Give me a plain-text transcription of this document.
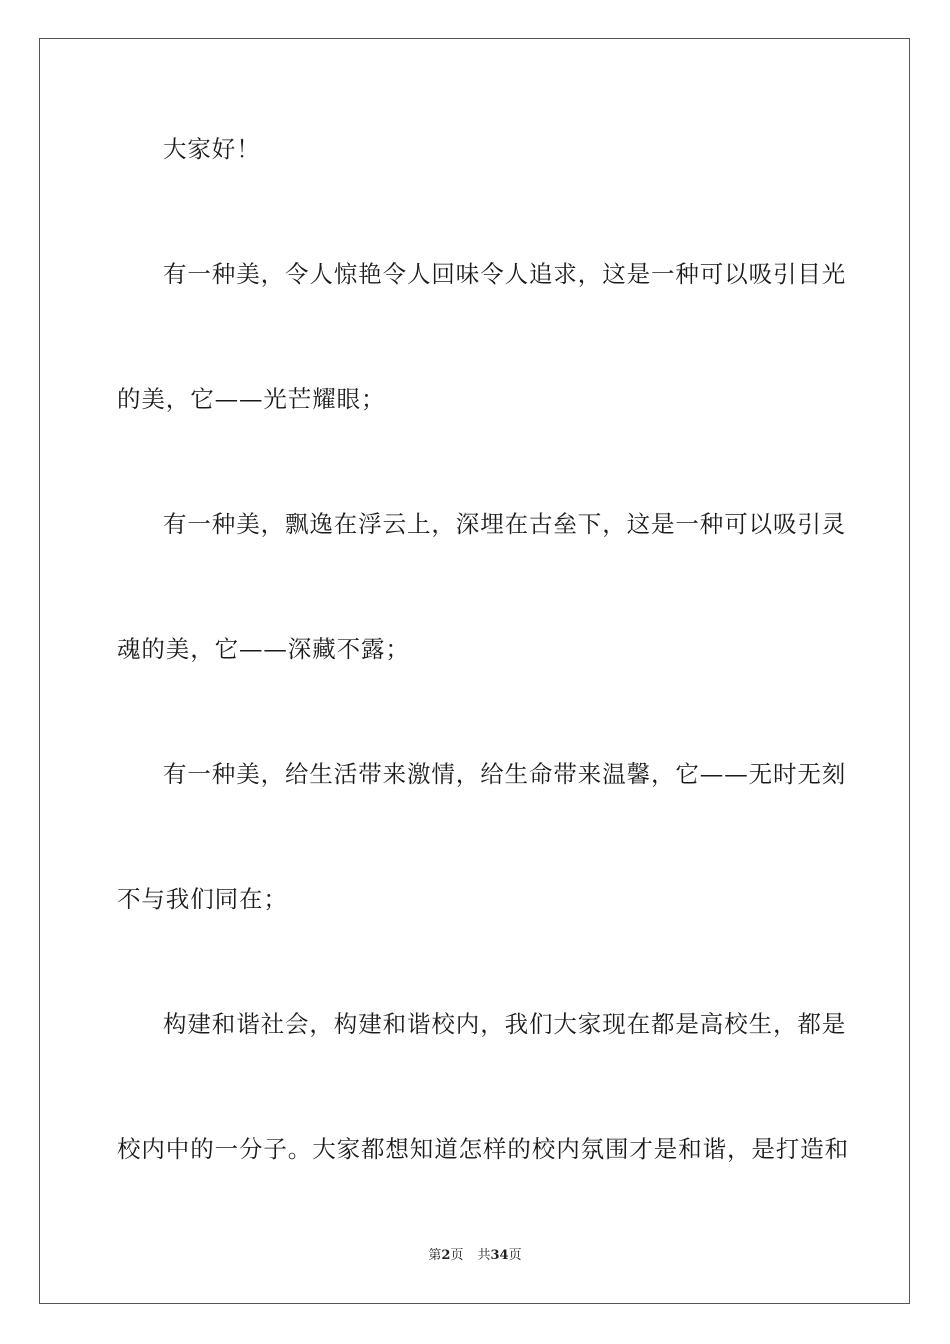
大家好！
有一种美，令人惊艳令人回味令人追求，这是一种可以吸引目光
的美，它——光芒耀眼；
有一种美，飘逸在浮云上，深埋在古垒下，这是一种可以吸引灵
魂的美，它——深藏不露；
有一种美，给生活带来激情，给生命带来温馨，它——无时无刻
不与我们同在；
构建和谐社会，构建和谐校内，我们大家现在都是高校生，都是
校内中的一分子。大家都想知道怎样的校内氛围才是和谐，是打造和
第2页 共34页
